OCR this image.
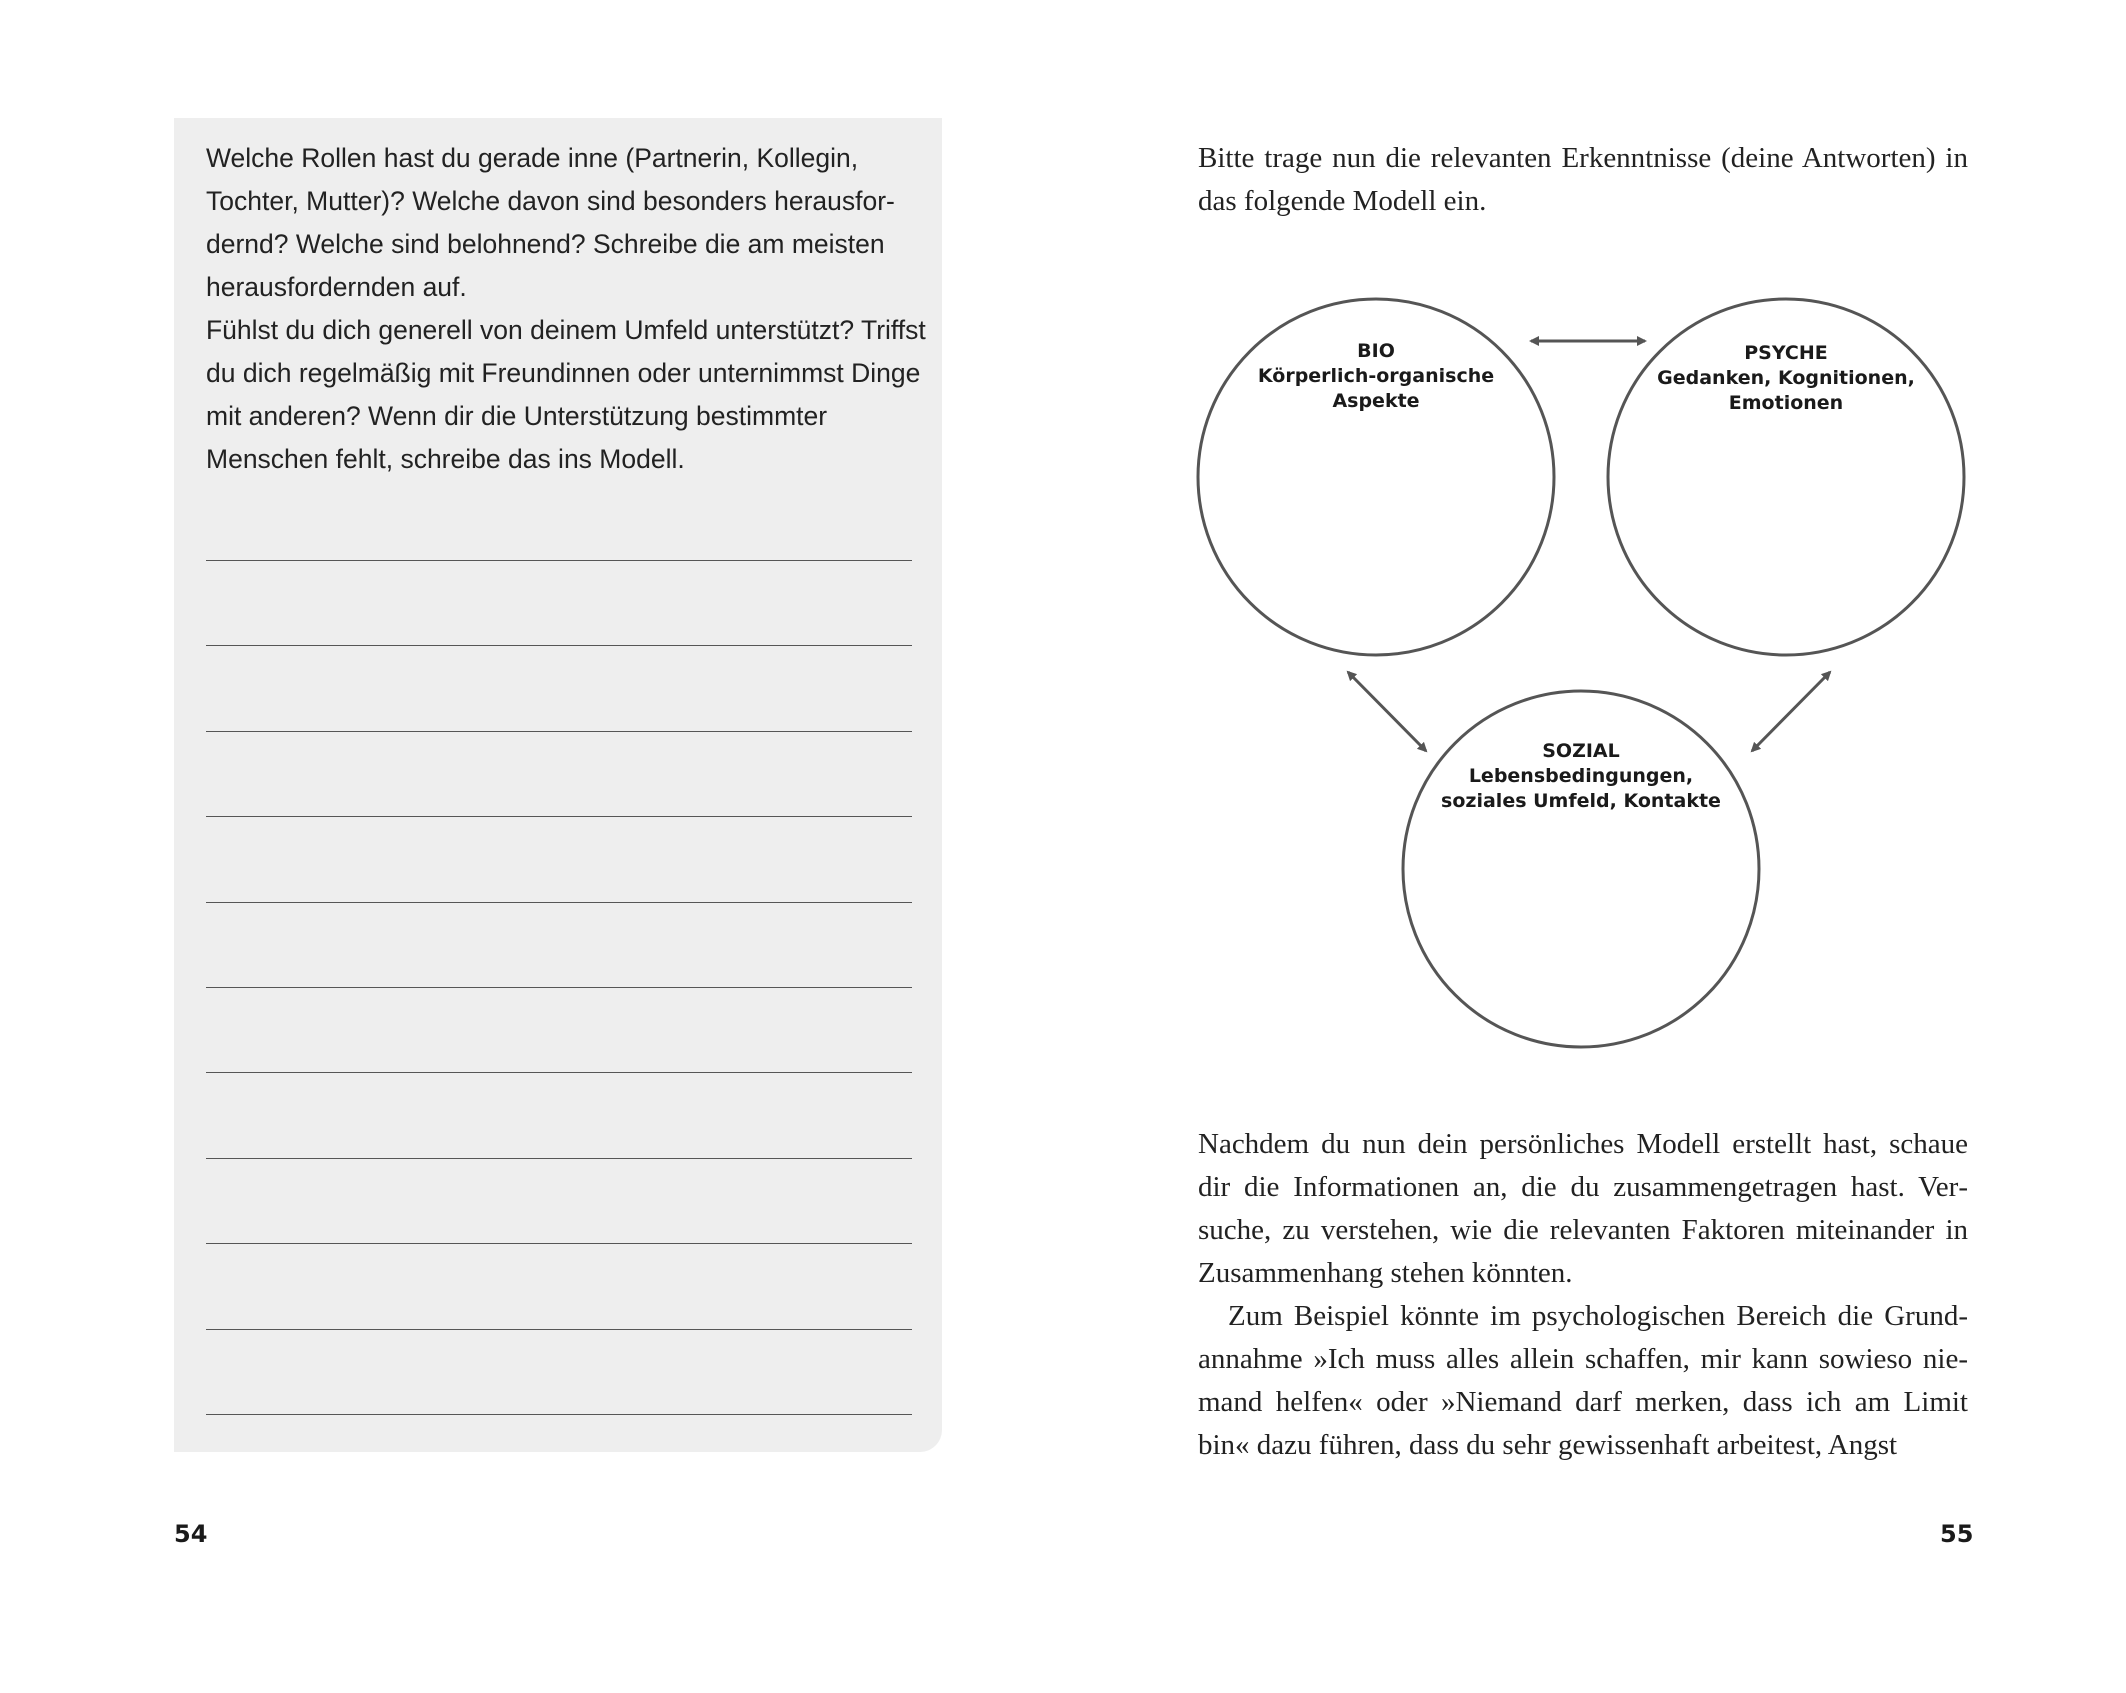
Welche Rollen hast du gerade inne (Partnerin, Kollegin, Tochter, Mutter)? Welche davon sind besonders herausfordernd? Welche sind belohnend? Schreibe die am meisten herausfordernden auf.

Fühlst du dich generell von deinem Umfeld unterstützt? Triffst du dich regelmäßig mit Freundinnen oder unternimmst Dinge mit anderen? Wenn dir die Unterstützung bestimmter Menschen fehlt, schreibe das ins Modell.

54

Bitte trage nun die relevanten Erkenntnisse (deine Antworten) in das folgende Modell ein.

BIO
Körperlich-organische
Aspekte
PSYCHE
Gedanken, Kognitionen,
Emotionen
SOZIAL
Lebensbedingungen,
soziales Umfeld, Kontakte

Nachdem du nun dein persönliches Modell erstellt hast, schaue dir die Informationen an, die du zusammengetragen hast. Versuche, zu verstehen, wie die relevanten Faktoren miteinander in Zusammenhang stehen könnten.

Zum Beispiel könnte im psychologischen Bereich die Grundannahme »Ich muss alles allein schaffen, mir kann sowieso niemand helfen« oder »Niemand darf merken, dass ich am Limit bin« dazu führen, dass du sehr gewissenhaft arbeitest, Angst

55
